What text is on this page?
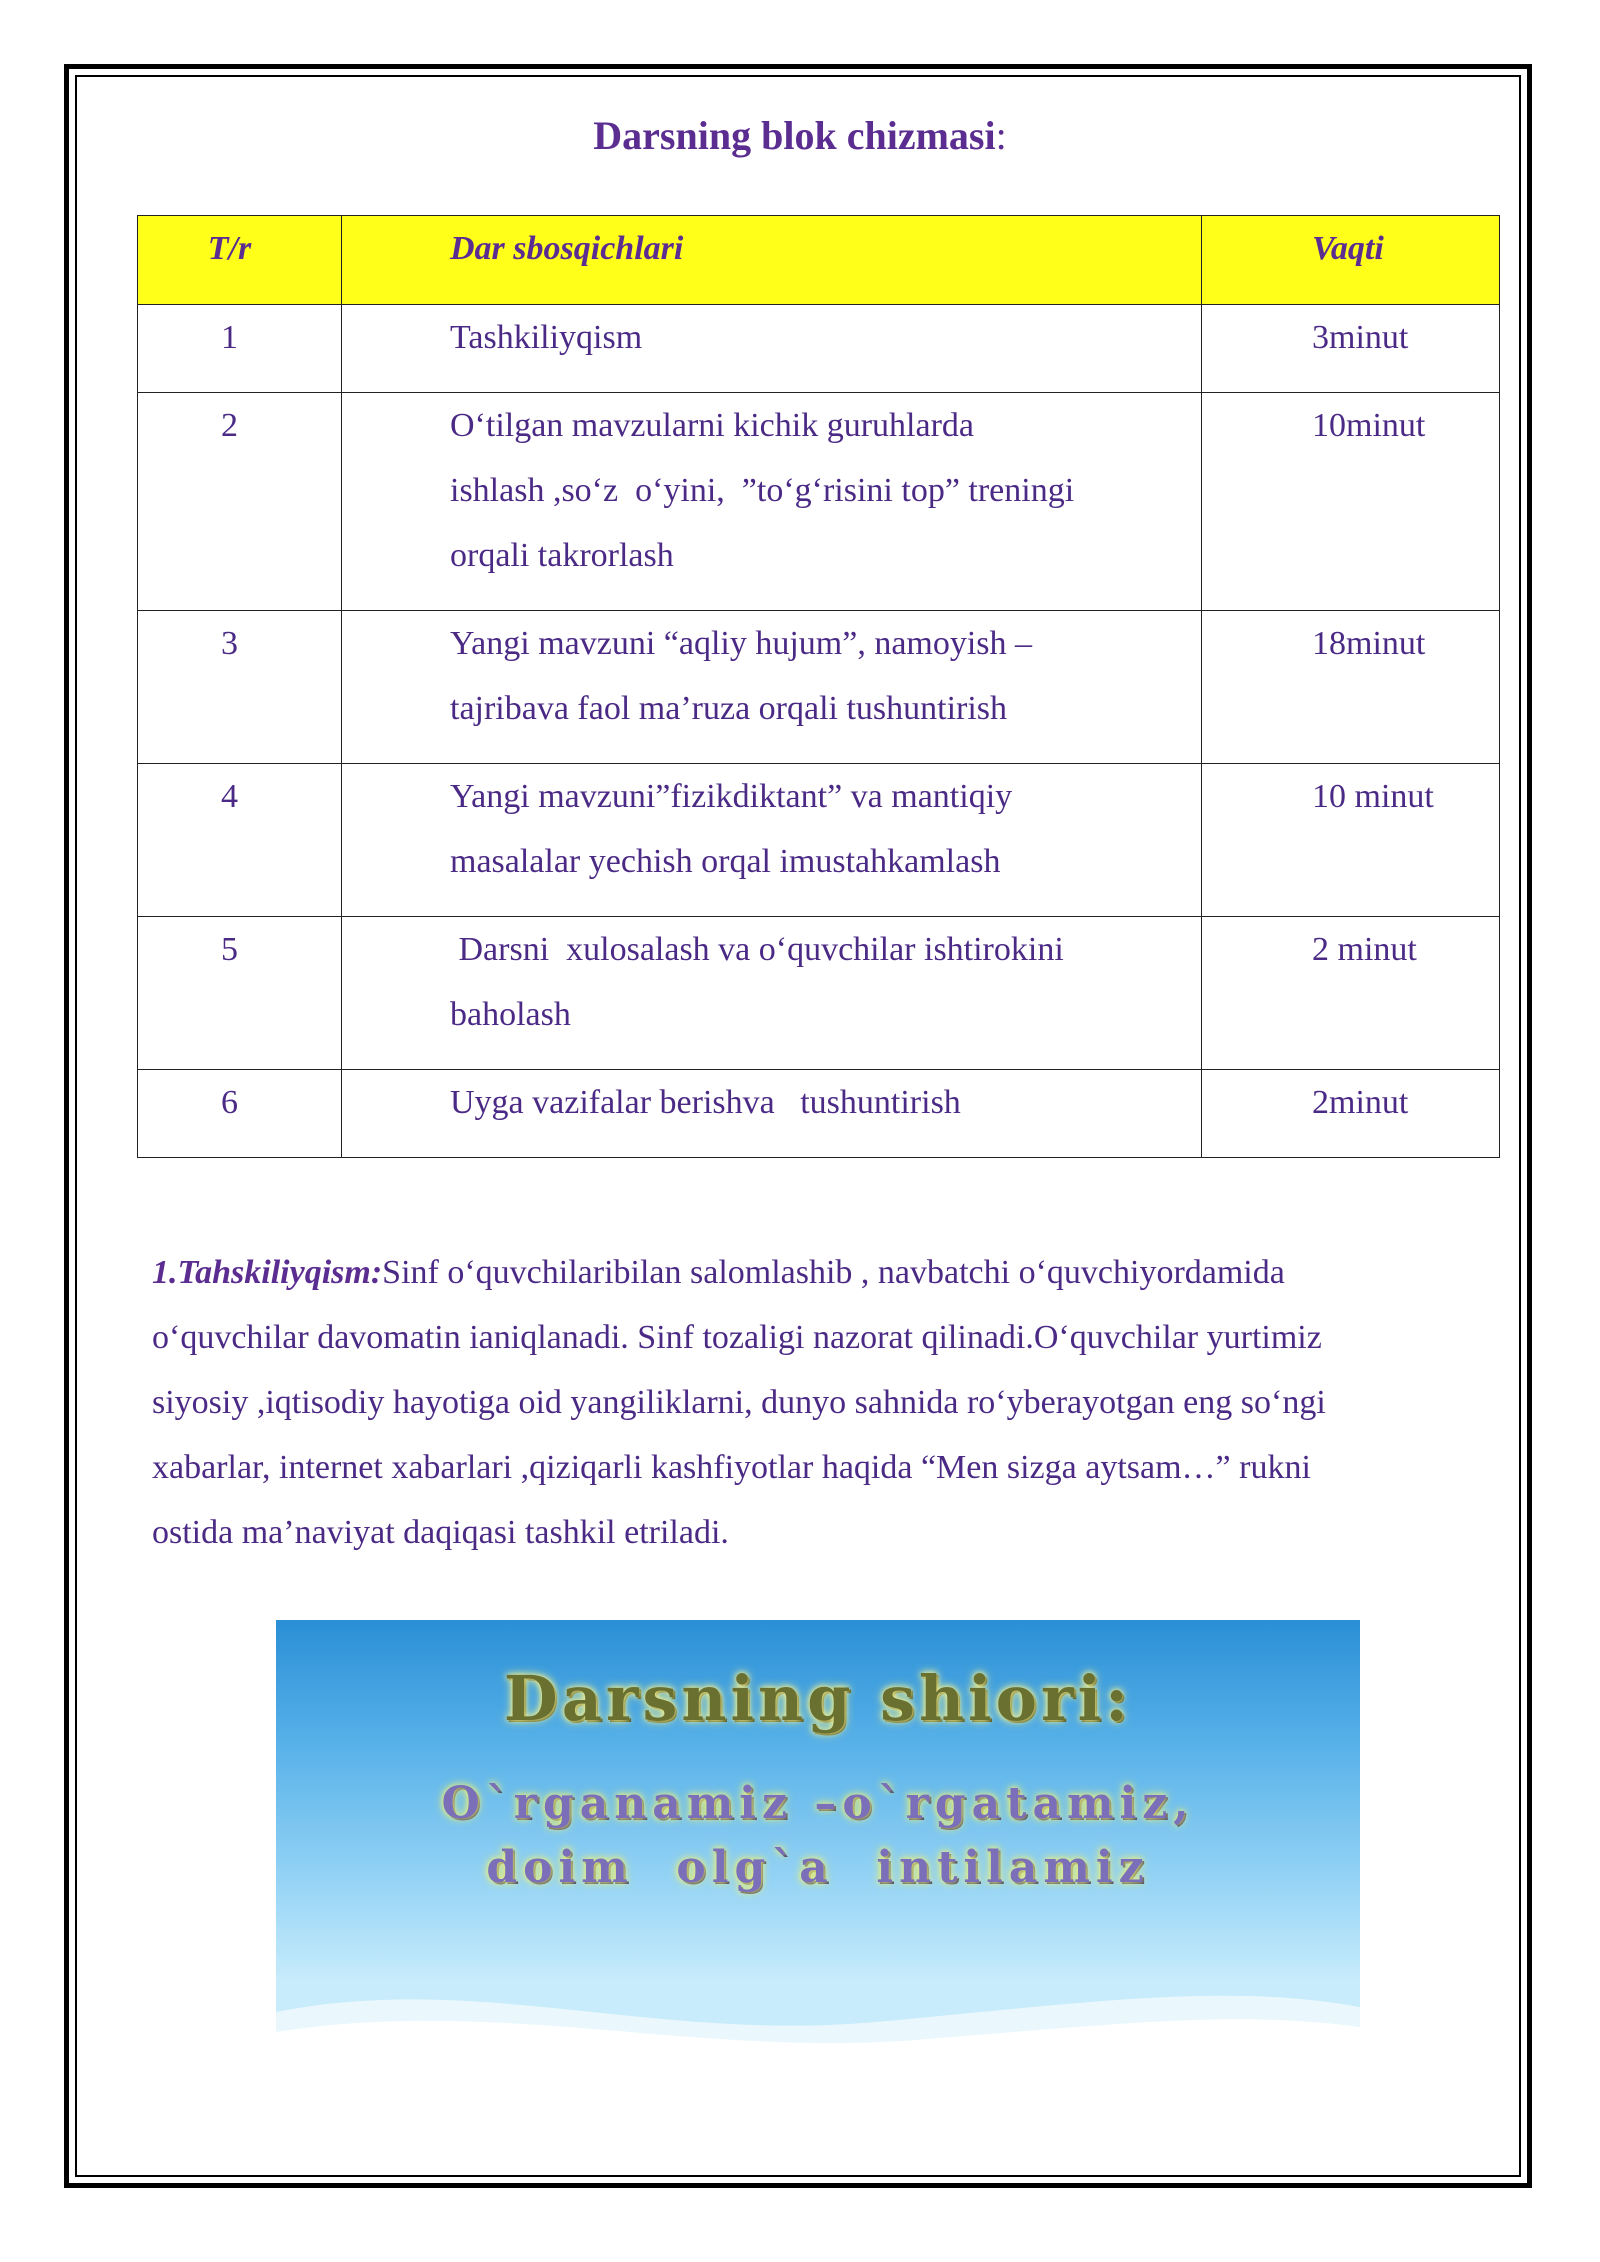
Darsning blok chizmasi:
T/r	Dar sbosqichlari	Vaqti
1	Tashkiliyqism	3minut
2	O‘tilgan mavzularni kichik guruhlarda
ishlash ,so‘z  o‘yini,  ”to‘g‘risini top” treningi
orqali takrorlash	10minut
3	Yangi mavzuni “aqliy hujum”, namoyish –
tajribava faol ma’ruza orqali tushuntirish	18minut
4	Yangi mavzuni”fizikdiktant” va mantiqiy
masalalar yechish orqal imustahkamlash	10 minut
5	Darsni  xulosalash va o‘quvchilar ishtirokini
baholash	2 minut
6	Uyga vazifalar berishva   tushuntirish	2minut
1.Tahskiliyqism:Sinf o‘quvchilaribilan salomlashib , navbatchi o‘quvchiyordamida
o‘quvchilar davomatin ianiqlanadi. Sinf tozaligi nazorat qilinadi.O‘quvchilar yurtimiz
siyosiy ,iqtisodiy hayotiga oid yangiliklarni, dunyo sahnida ro‘yberayotgan eng so‘ngi
xabarlar, internet xabarlari ,qiziqarli kashfiyotlar haqida “Men sizga aytsam…” rukni
ostida ma’naviyat daqiqasi tashkil etriladi.
Darsning shiori:
O`rganamiz –o`rgatamiz,
doim  olg`a  intilamiz
